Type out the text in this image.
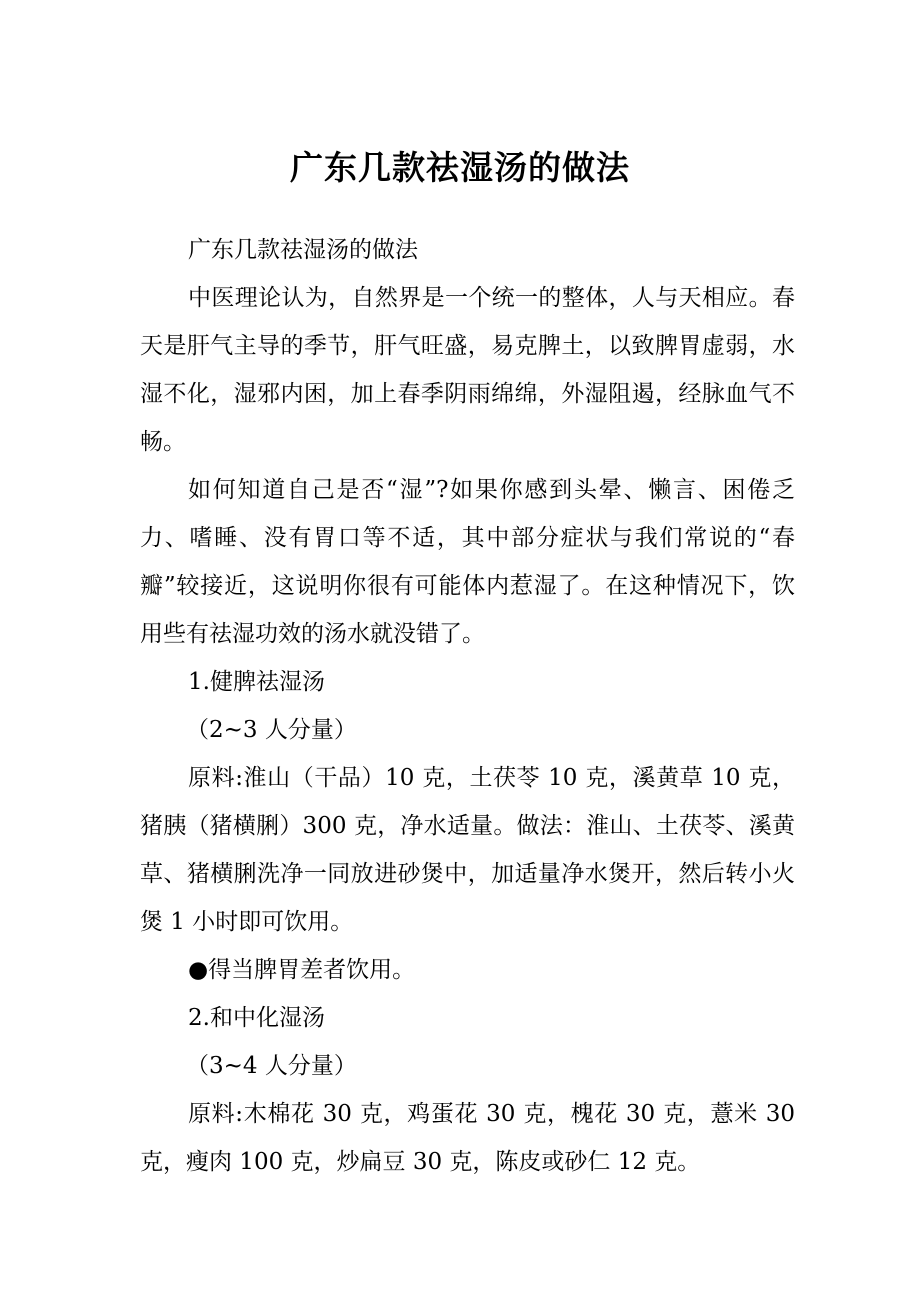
广东几款祛湿汤的做法

广东几款祛湿汤的做法

中医理论认为，自然界是一个统一的整体，人与天相应。春天是肝气主导的季节，肝气旺盛，易克脾土，以致脾胃虚弱，水湿不化，湿邪内困，加上春季阴雨绵绵，外湿阻遏，经脉血气不畅。

如何知道自己是否“湿”?如果你感到头晕、懒言、困倦乏力、嗜睡、没有胃口等不适，其中部分症状与我们常说的“春瓣”较接近，这说明你很有可能体内惹湿了。在这种情况下，饮用些有祛湿功效的汤水就没错了。

1.健脾祛湿汤

（2~3 人分量）

原料:淮山（干品）10 克，土茯苓 10 克，溪黄草 10 克，猪胰（猪横脷）300 克，净水适量。做法：淮山、土茯苓、溪黄草、猪横脷洗净一同放进砂煲中，加适量净水煲开，然后转小火煲 1 小时即可饮用。

●得当脾胃差者饮用。

2.和中化湿汤

（3~4 人分量）

原料:木棉花 30 克，鸡蛋花 30 克，槐花 30 克，薏米 30 克，瘦肉 100 克，炒扁豆 30 克，陈皮或砂仁 12 克。
